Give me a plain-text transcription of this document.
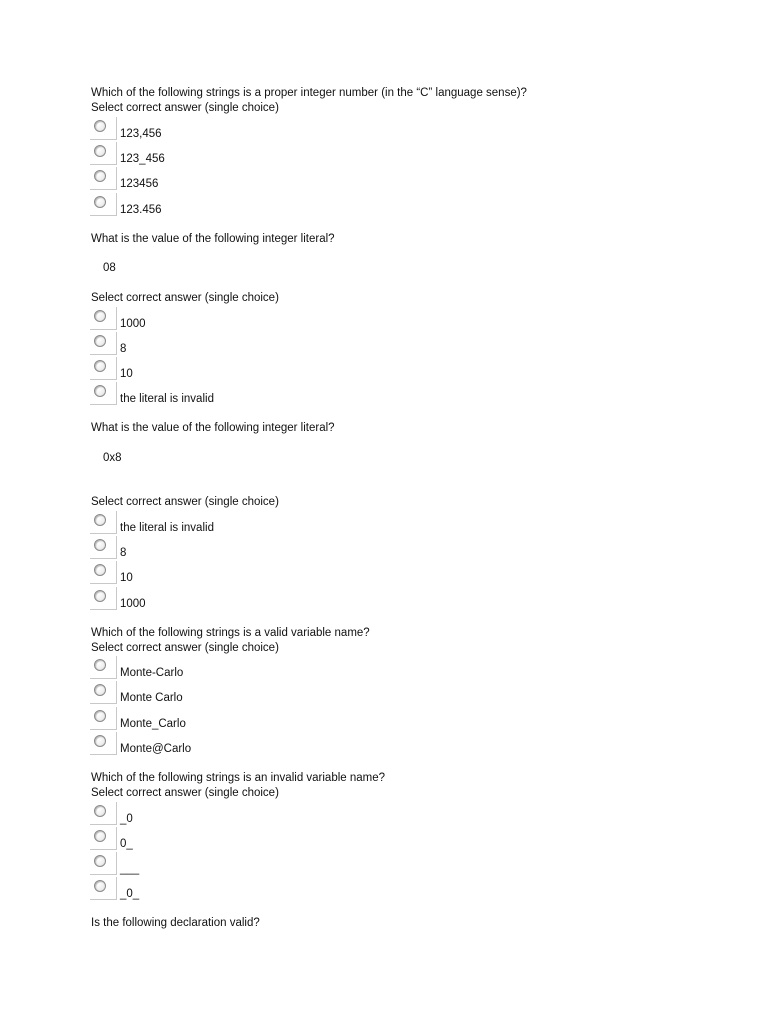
Which of the following strings is a proper integer number (in the “C” language sense)?
Select correct answer (single choice)
123,456
123_456
123456
123.456
What is the value of the following integer literal?
08
Select correct answer (single choice)
1000
8
10
the literal is invalid
What is the value of the following integer literal?
0x8
Select correct answer (single choice)
the literal is invalid
8
10
1000
Which of the following strings is a valid variable name?
Select correct answer (single choice)
Monte-Carlo
Monte Carlo
Monte_Carlo
Monte@Carlo
Which of the following strings is an invalid variable name?
Select correct answer (single choice)
_0
0_
___
_0_
Is the following declaration valid?
